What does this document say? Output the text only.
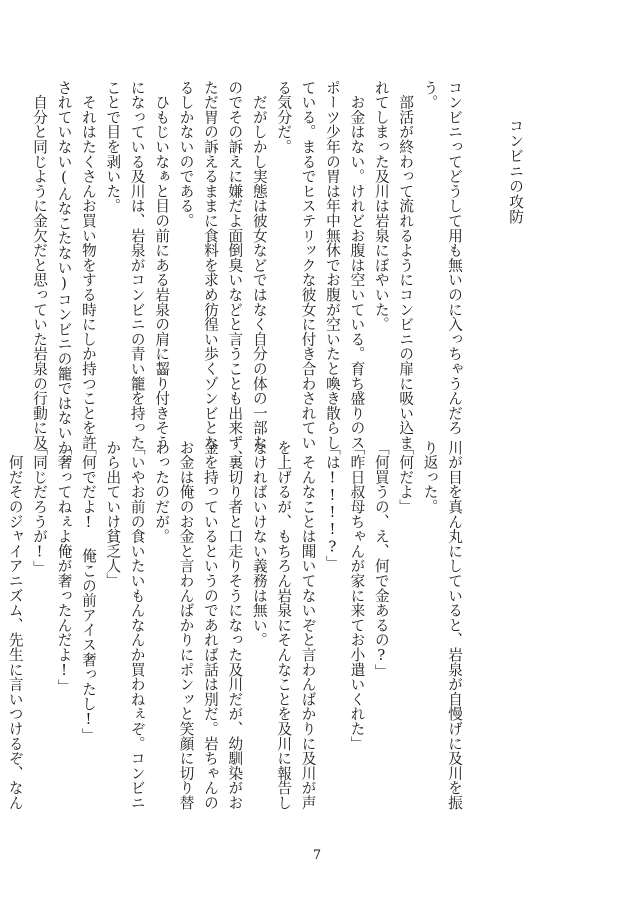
コンビニの攻防

コンビニってどうして用も無いのに入っちゃうんだろ

う。

　部活が終わって流れるようにコンビニの扉に吸い込ま

れてしまった及川は岩泉にぼやいた。

　お金はない。けれどお腹は空いている。育ち盛りのス

ポーツ少年の胃は年中無休でお腹が空いたと喚き散らし

ている。まるでヒステリックな彼女に付き合わされてい

る気分だ。

　だがしかし実態は彼女などではなく自分の体の一部な

のでその訴えに嫌だよ面倒臭いなどと言うことも出来ず、

ただ胃の訴えるままに食料を求め彷徨い歩くゾンビとな

るしかないのである。

　ひもじいなぁと目の前にある岩泉の肩に齧り付きそう

になっている及川は、岩泉がコンビニの青い籠を持った

ことで目を剥いた。

　それはたくさんお買い物をする時にしか持つことを許

されていない(んなこたない)コンビニの籠ではないか。

　自分と同じように金欠だと思っていた岩泉の行動に及

川が目を真ん丸にしていると、岩泉が自慢げに及川を振

り返った。

「何だよ」

「何買うの、え、何で金あるの?」

「昨日叔母ちゃんが家に来てお小遣いくれた」

「は!!!!?」

　そんなことは聞いてないぞと言わんばかりに及川が声

を上げるが、もちろん岩泉にそんなことを及川に報告し

なければいけない義務は無い。

　裏切り者と口走りそうになった及川だが、幼馴染がお

金を持っているというのであれば話は別だ。岩ちゃんの

お金は俺のお金と言わんばかりにポンッと笑顔に切り替

わったのだが。

「いやお前の食いたいもんなんか買わねぇぞ。コンビニ

から出ていけ貧乏人」

「何でだよ! 俺この前アイス奢ったし!」

「奢ってねぇよ俺が奢ったんだよ!」

「同じだろうが!」

　何だそのジャイアニズム、先生に言いつけるぞ、なん

7
